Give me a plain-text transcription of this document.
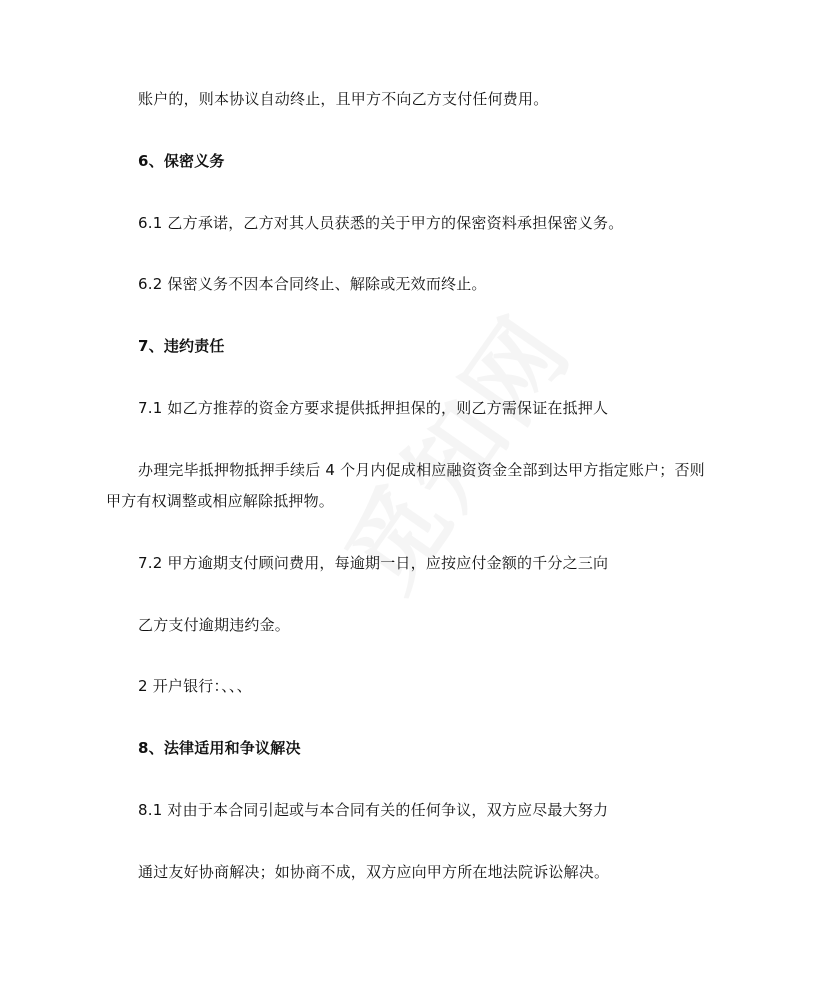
账户的，则本协议自动终止，且甲方不向乙方支付任何费用。
6、保密义务
6.1 乙方承诺，乙方对其人员获悉的关于甲方的保密资料承担保密义务。
6.2 保密义务不因本合同终止、解除或无效而终止。
7、违约责任
7.1 如乙方推荐的资金方要求提供抵押担保的，则乙方需保证在抵押人
办理完毕抵押物抵押手续后 4 个月内促成相应融资资金全部到达甲方指定账户；否则
甲方有权调整或相应解除抵押物。
7.2 甲方逾期支付顾问费用，每逾期一日，应按应付金额的千分之三向
乙方支付逾期违约金。
2 开户银行：、、、
8、法律适用和争议解决
8.1 对由于本合同引起或与本合同有关的任何争议，双方应尽最大努力
通过友好协商解决；如协商不成，双方应向甲方所在地法院诉讼解决。
